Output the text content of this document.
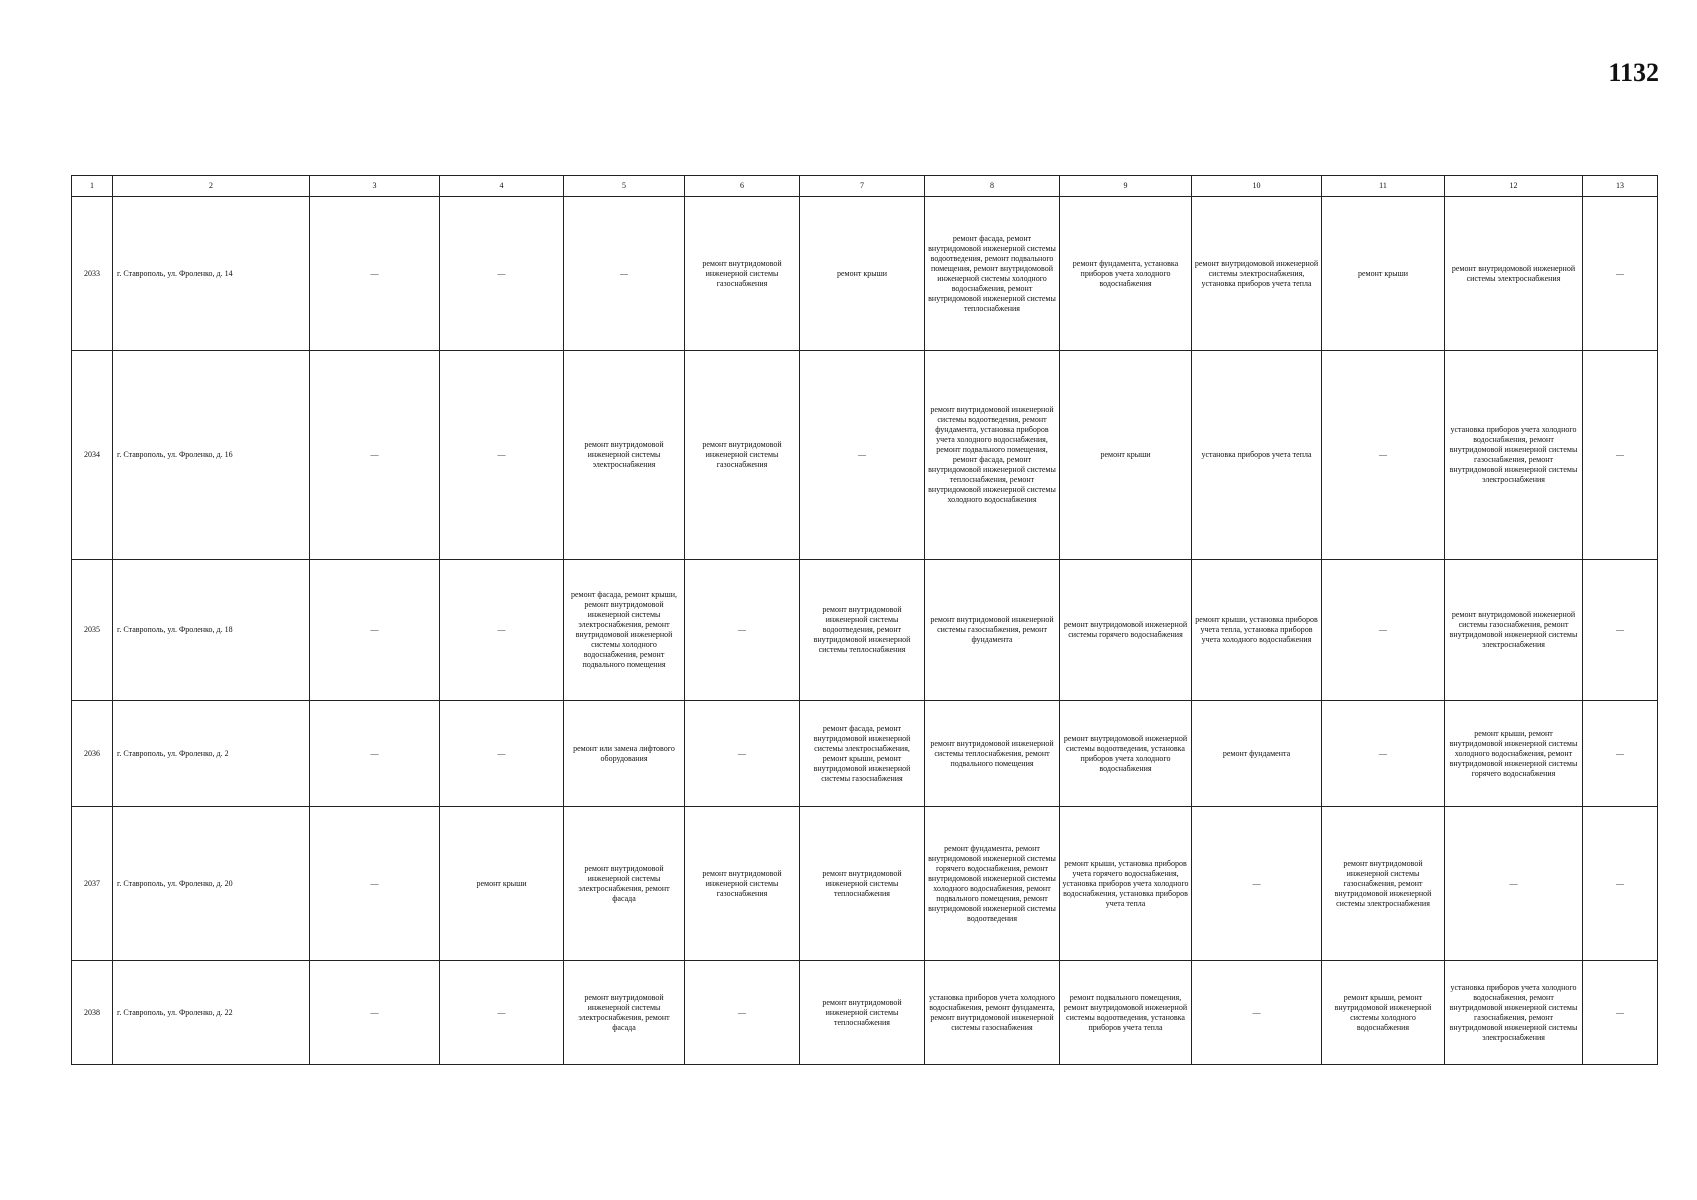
1132
1	2	3	4	5	6	7	8	9	10	11	12	13
2033	г. Ставрополь, ул. Фроленко, д. 14	—	—	—	ремонт внутридомовой инженерной системы газоснабжения	ремонт крыши	ремонт фасада, ремонт внутридомовой инженерной системы водоотведения, ремонт подвального помещения, ремонт внутридомовой инженерной системы холодного водоснабжения, ремонт внутридомовой инженерной системы теплоснабжения	ремонт фундамента, установка приборов учета холодного водоснабжения	ремонт внутридомовой инженерной системы электроснабжения, установка приборов учета тепла	ремонт крыши	ремонт внутридомовой инженерной системы электроснабжения	—
2034	г. Ставрополь, ул. Фроленко, д. 16	—	—	ремонт внутридомовой инженерной системы электроснабжения	ремонт внутридомовой инженерной системы газоснабжения	—	ремонт внутридомовой инженерной системы водоотведения, ремонт фундамента, установка приборов учета холодного водоснабжения, ремонт подвального помещения, ремонт фасада, ремонт внутридомовой инженерной системы теплоснабжения, ремонт внутридомовой инженерной системы холодного водоснабжения	ремонт крыши	установка приборов учета тепла	—	установка приборов учета холодного водоснабжения, ремонт внутридомовой инженерной системы газоснабжения, ремонт внутридомовой инженерной системы электроснабжения	—
2035	г. Ставрополь, ул. Фроленко, д. 18	—	—	ремонт фасада, ремонт крыши, ремонт внутридомовой инженерной системы электроснабжения, ремонт внутридомовой инженерной системы холодного водоснабжения, ремонт подвального помещения	—	ремонт внутридомовой инженерной системы водоотведения, ремонт внутридомовой инженерной системы теплоснабжения	ремонт внутридомовой инженерной системы газоснабжения, ремонт фундамента	ремонт внутридомовой инженерной системы горячего водоснабжения	ремонт крыши, установка приборов учета тепла, установка приборов учета холодного водоснабжения	—	ремонт внутридомовой инженерной системы газоснабжения, ремонт внутридомовой инженерной системы электроснабжения	—
2036	г. Ставрополь, ул. Фроленко, д. 2	—	—	ремонт или замена лифтового оборудования	—	ремонт фасада, ремонт внутридомовой инженерной системы электроснабжения, ремонт крыши, ремонт внутридомовой инженерной системы газоснабжения	ремонт внутридомовой инженерной системы теплоснабжения, ремонт подвального помещения	ремонт внутридомовой инженерной системы водоотведения, установка приборов учета холодного водоснабжения	ремонт фундамента	—	ремонт крыши, ремонт внутридомовой инженерной системы холодного водоснабжения, ремонт внутридомовой инженерной системы горячего водоснабжения	—
2037	г. Ставрополь, ул. Фроленко, д. 20	—	ремонт крыши	ремонт внутридомовой инженерной системы электроснабжения, ремонт фасада	ремонт внутридомовой инженерной системы газоснабжения	ремонт внутридомовой инженерной системы теплоснабжения	ремонт фундамента, ремонт внутридомовой инженерной системы горячего водоснабжения, ремонт внутридомовой инженерной системы холодного водоснабжения, ремонт подвального помещения, ремонт внутридомовой инженерной системы водоотведения	ремонт крыши, установка приборов учета горячего водоснабжения, установка приборов учета холодного водоснабжения, установка приборов учета тепла	—	ремонт внутридомовой инженерной системы газоснабжения, ремонт внутридомовой инженерной системы электроснабжения	—	—
2038	г. Ставрополь, ул. Фроленко, д. 22	—	—	ремонт внутридомовой инженерной системы электроснабжения, ремонт фасада	—	ремонт внутридомовой инженерной системы теплоснабжения	установка приборов учета холодного водоснабжения, ремонт фундамента, ремонт внутридомовой инженерной системы газоснабжения	ремонт подвального помещения, ремонт внутридомовой инженерной системы водоотведения, установка приборов учета тепла	—	ремонт крыши, ремонт внутридомовой инженерной системы холодного водоснабжения	установка приборов учета холодного водоснабжения, ремонт внутридомовой инженерной системы газоснабжения, ремонт внутридомовой инженерной системы электроснабжения	—
